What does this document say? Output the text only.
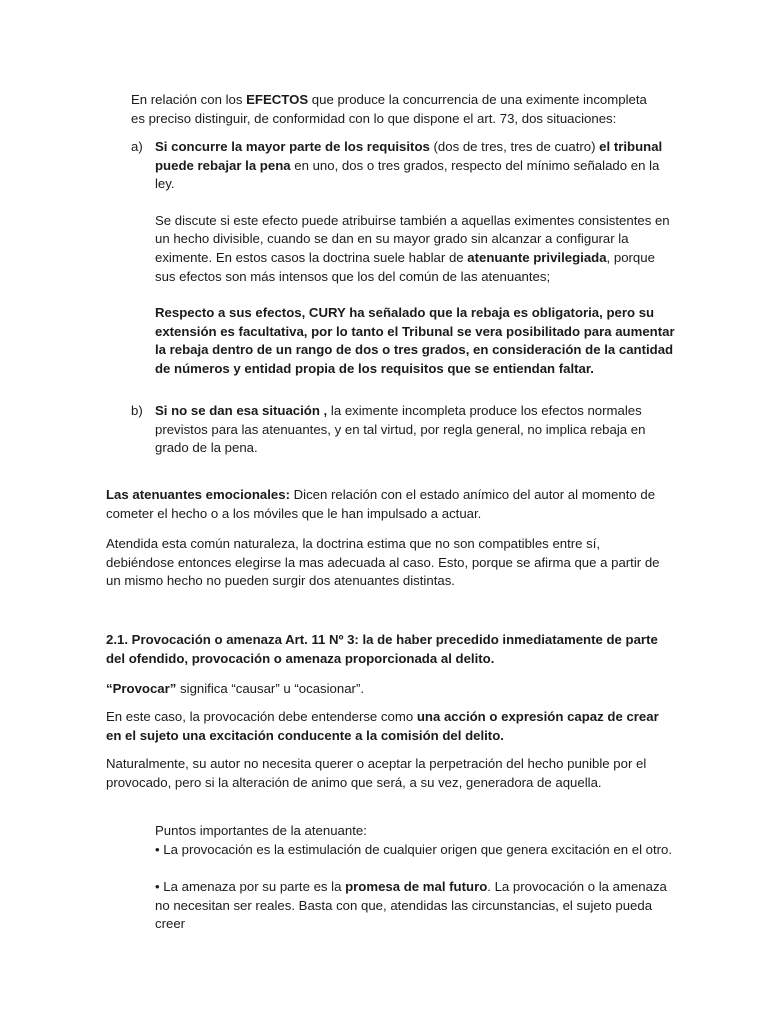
En relación con los EFECTOS que produce la concurrencia de una eximente incompleta es preciso distinguir, de conformidad con lo que dispone el art. 73, dos situaciones:

a) Si concurre la mayor parte de los requisitos (dos de tres, tres de cuatro) el tribunal puede rebajar la pena en uno, dos o tres grados, respecto del mínimo señalado en la ley.

Se discute si este efecto puede atribuirse también a aquellas eximentes consistentes en un hecho divisible, cuando se dan en su mayor grado sin alcanzar a configurar la eximente. En estos casos la doctrina suele hablar de atenuante privilegiada, porque sus efectos son más intensos que los del común de las atenuantes;

Respecto a sus efectos, CURY ha señalado que la rebaja es obligatoria, pero su extensión es facultativa, por lo tanto el Tribunal se vera posibilitado para aumentar la rebaja dentro de un rango de dos o tres grados, en consideración de la cantidad de números y entidad propia de los requisitos que se entiendan faltar.

b) Si no se dan esa situación , la eximente incompleta produce los efectos normales previstos para las atenuantes, y en tal virtud, por regla general, no implica rebaja en grado de la pena.

Las atenuantes emocionales: Dicen relación con el estado anímico del autor al momento de cometer el hecho o a los móviles que le han impulsado a actuar.

Atendida esta común naturaleza, la doctrina estima que no son compatibles entre sí, debiéndose entonces elegirse la mas adecuada al caso. Esto, porque se afirma que a partir de un mismo hecho no pueden surgir dos atenuantes distintas.

2.1. Provocación o amenaza Art. 11 Nº 3: la de haber precedido inmediatamente de parte del ofendido, provocación o amenaza proporcionada al delito.

“Provocar” significa “causar” u “ocasionar”.

En este caso, la provocación debe entenderse como una acción o expresión capaz de crear en el sujeto una excitación conducente a la comisión del delito.

Naturalmente, su autor no necesita querer o aceptar la perpetración del hecho punible por el provocado, pero si la alteración de animo que será, a su vez, generadora de aquella.

Puntos importantes de la atenuante:

• La provocación es la estimulación de cualquier origen que genera excitación en el otro.

• La amenaza por su parte es la promesa de mal futuro. La provocación o la amenaza no necesitan ser reales. Basta con que, atendidas las circunstancias, el sujeto pueda creer
